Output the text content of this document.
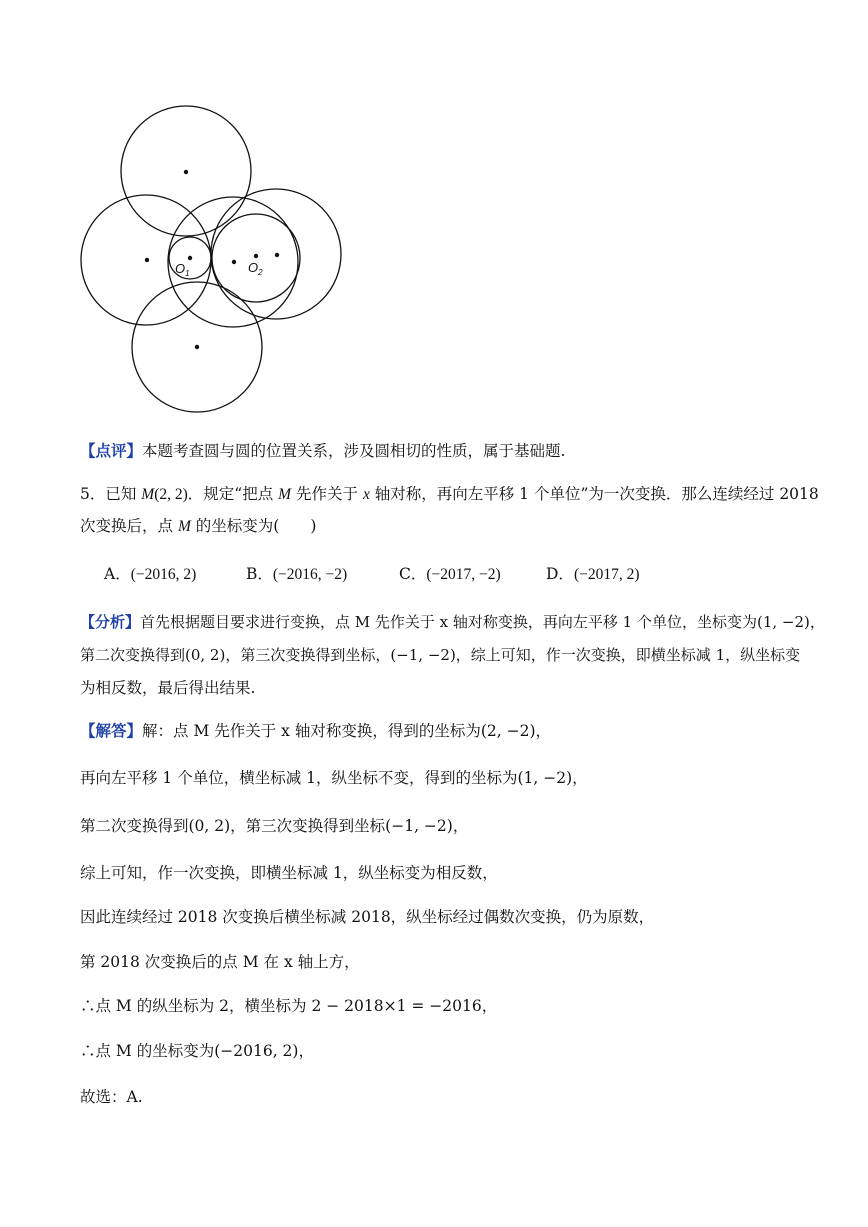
$O_1$	$O_2$
【点评】本题考查圆与圆的位置关系，涉及圆相切的性质，属于基础题.
5．已知 M(2, 2)．规定“把点 M 先作关于 x 轴对称，再向左平移 1 个单位”为一次变换．那么连续经过 2018
次变换后，点 M 的坐标变为(　　)
A．(−2016, 2)	B．(−2016, −2)	C．(−2017, −2)	D．(−2017, 2)
【分析】首先根据题目要求进行变换，点 M 先作关于 x 轴对称变换，再向左平移 1 个单位，坐标变为(1, −2)，
第二次变换得到(0, 2)，第三次变换得到坐标，(−1, −2)，综上可知，作一次变换，即横坐标减 1，纵坐标变
为相反数，最后得出结果.
【解答】解：点 M 先作关于 x 轴对称变换，得到的坐标为(2, −2)，
再向左平移 1 个单位，横坐标减 1，纵坐标不变，得到的坐标为(1, −2)，
第二次变换得到(0, 2)，第三次变换得到坐标(−1, −2)，
综上可知，作一次变换，即横坐标减 1，纵坐标变为相反数，
因此连续经过 2018 次变换后横坐标减 2018，纵坐标经过偶数次变换，仍为原数，
第 2018 次变换后的点 M 在 x 轴上方，
∴点 M 的纵坐标为 2，横坐标为 2 − 2018×1 = −2016，
∴点 M 的坐标变为(−2016, 2)，
故选：A.
